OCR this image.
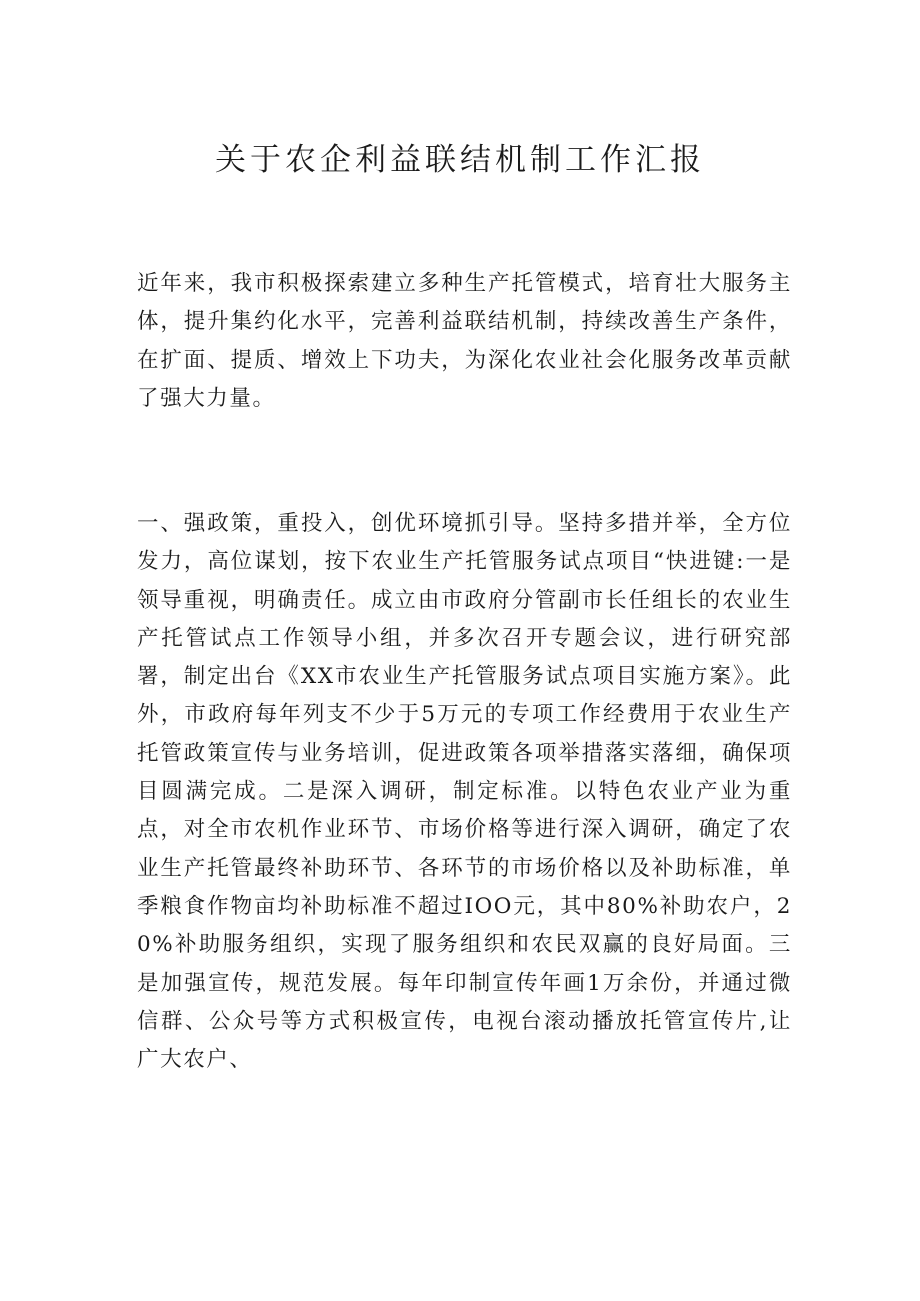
关于农企利益联结机制工作汇报

近年来，我市积极探索建立多种生产托管模式，培育壮大服务主体，提升集约化水平，完善利益联结机制，持续改善生产条件，在扩面、提质、增效上下功夫，为深化农业社会化服务改革贡献了强大力量。

一、强政策，重投入，创优环境抓引导。坚持多措并举，全方位发力，高位谋划，按下农业生产托管服务试点项目“快进键:一是领导重视，明确责任。成立由市政府分管副市长任组长的农业生产托管试点工作领导小组，并多次召开专题会议，进行研究部署，制定出台《XX市农业生产托管服务试点项目实施方案》。此外，市政府每年列支不少于5万元的专项工作经费用于农业生产托管政策宣传与业务培训，促进政策各项举措落实落细，确保项目圆满完成。二是深入调研，制定标准。以特色农业产业为重点，对全市农机作业环节、市场价格等进行深入调研，确定了农业生产托管最终补助环节、各环节的市场价格以及补助标准，单季粮食作物亩均补助标准不超过IOO元，其中80%补助农户，20%补助服务组织，实现了服务组织和农民双赢的良好局面。三是加强宣传，规范发展。每年印制宣传年画1万余份，并通过微信群、公众号等方式积极宣传，电视台滚动播放托管宣传片,让广大农户、
